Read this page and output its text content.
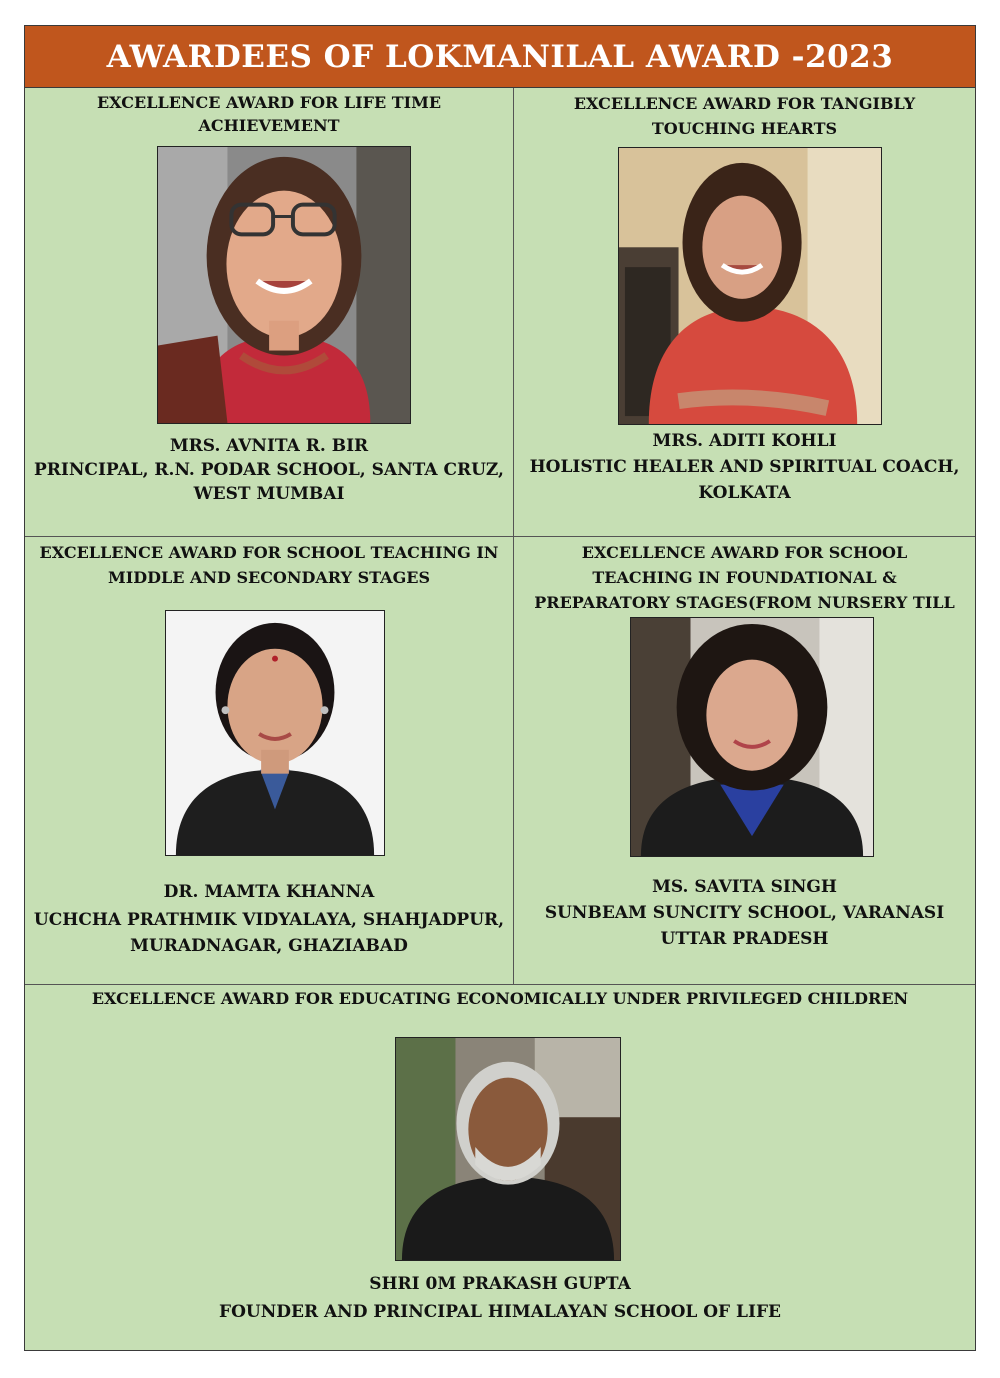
AWARDEES OF LOKMANILAL AWARD -2023
EXCELLENCE AWARD FOR LIFE TIME ACHIEVEMENT
MRS. AVNITA R. BIR
PRINCIPAL, R.N. PODAR SCHOOL, SANTA CRUZ,
WEST MUMBAI
EXCELLENCE AWARD FOR TANGIBLY TOUCHING HEARTS
MRS. ADITI KOHLI
HOLISTIC HEALER AND SPIRITUAL COACH,
KOLKATA
EXCELLENCE AWARD FOR SCHOOL TEACHING IN MIDDLE AND SECONDARY STAGES
DR. MAMTA KHANNA
UCHCHA PRATHMIK VIDYALAYA, SHAHJADPUR,
MURADNAGAR, GHAZIABAD
EXCELLENCE AWARD FOR SCHOOL TEACHING IN FOUNDATIONAL & PREPARATORY STAGES(FROM NURSERY TILL
MS. SAVITA SINGH
SUNBEAM SUNCITY SCHOOL, VARANASI
UTTAR PRADESH
EXCELLENCE AWARD FOR EDUCATING ECONOMICALLY UNDER PRIVILEGED CHILDREN
SHRI 0M PRAKASH GUPTA
FOUNDER AND PRINCIPAL HIMALAYAN SCHOOL OF LIFE
